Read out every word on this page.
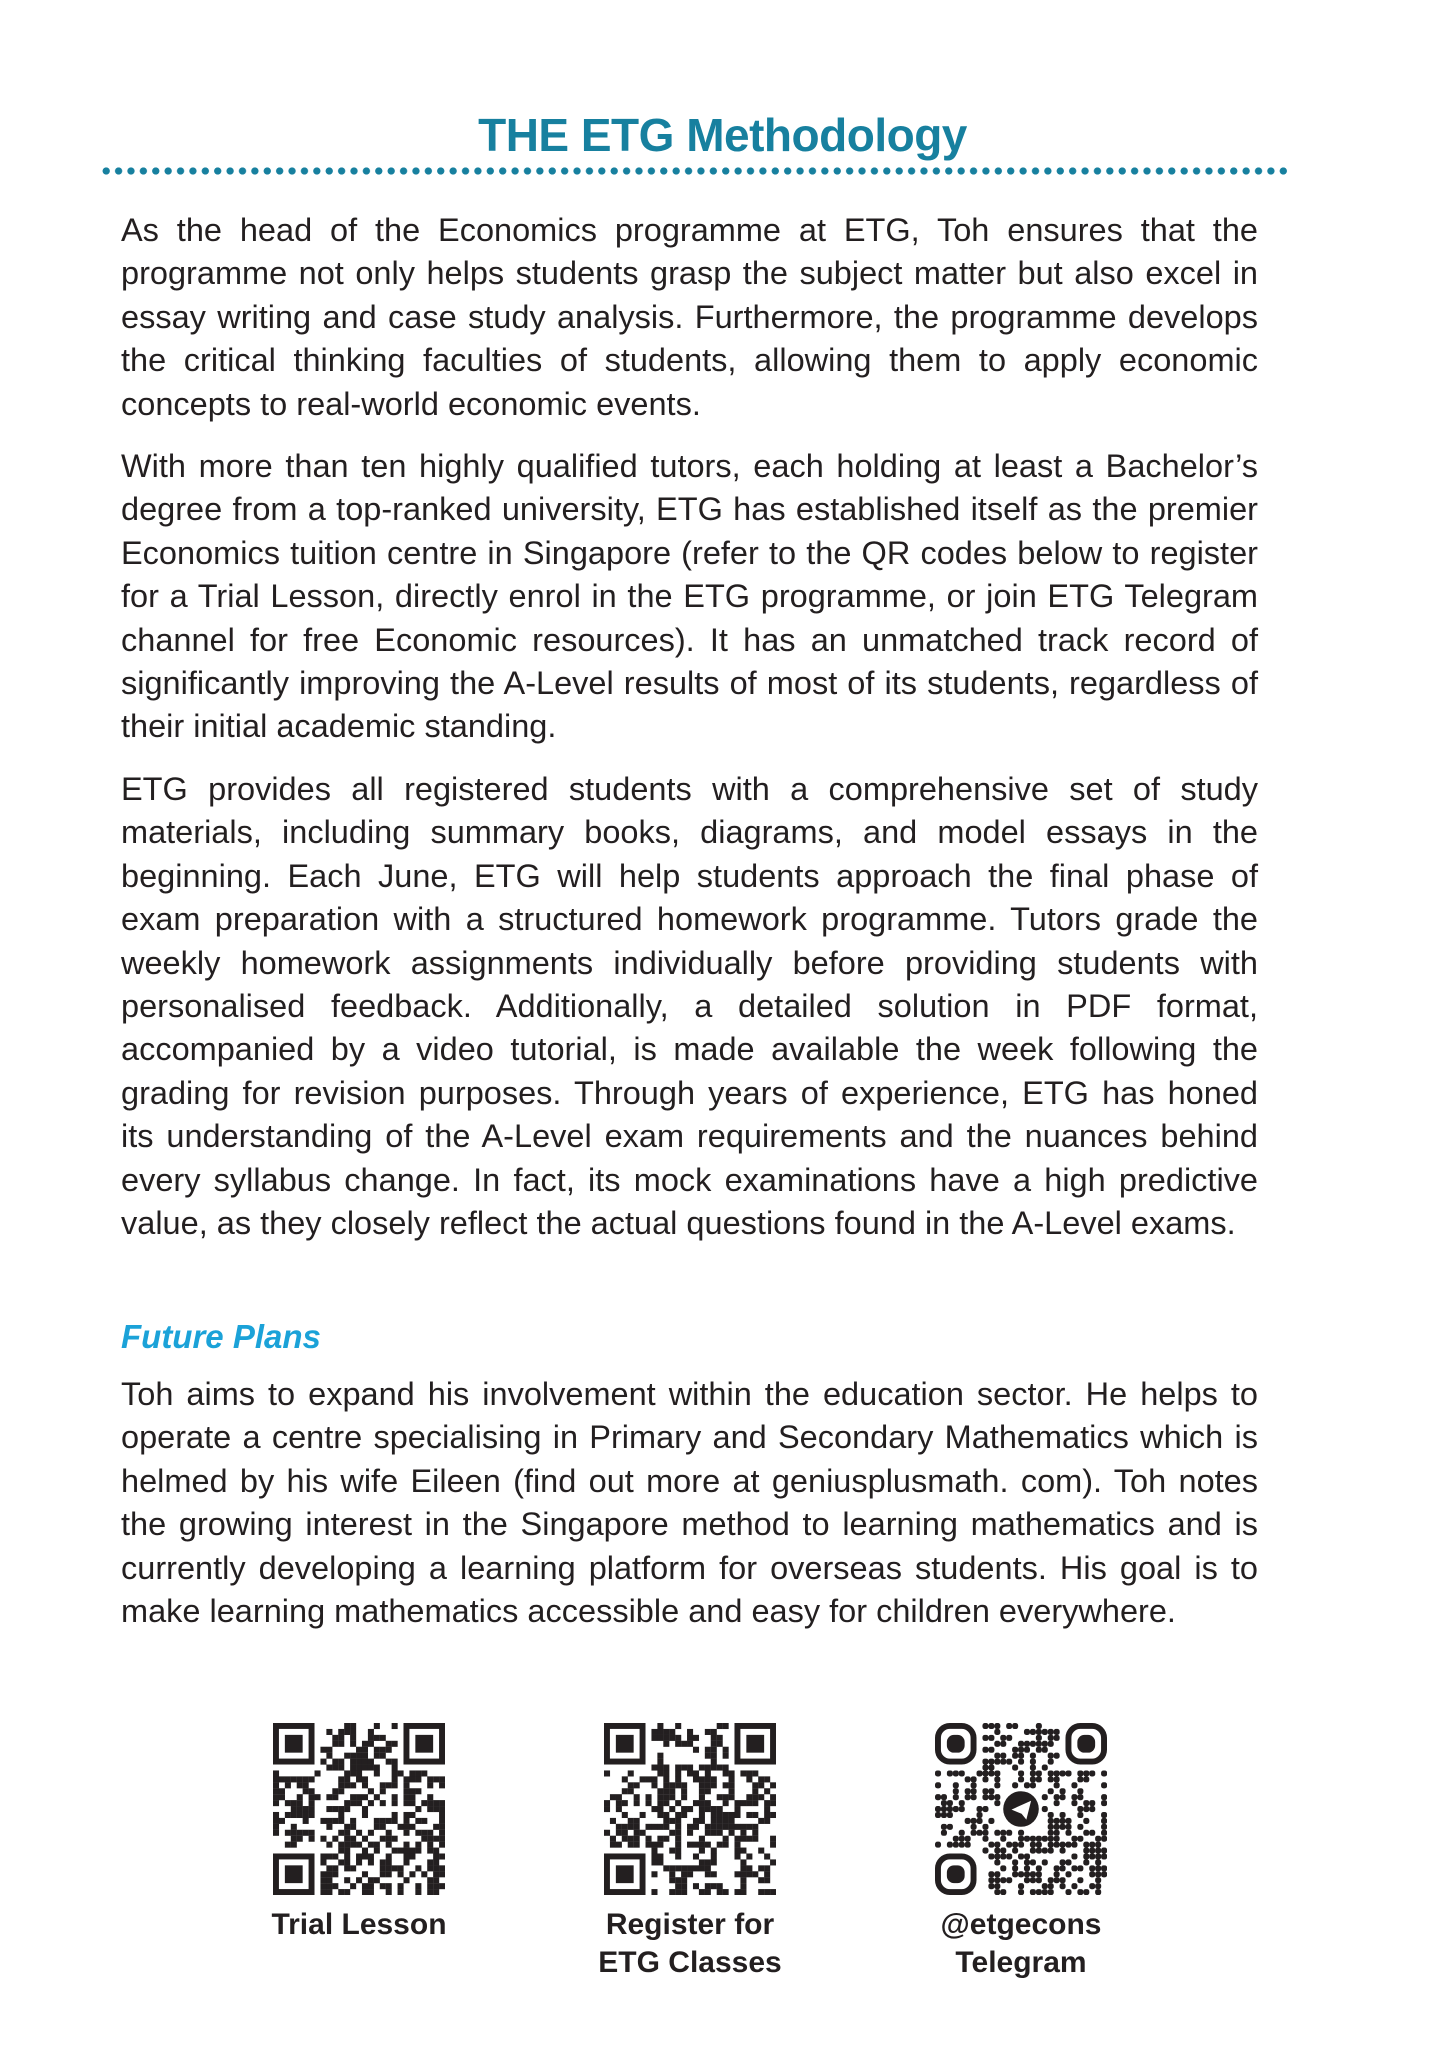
THE ETG Methodology

As the head of the Economics programme at ETG, Toh ensures that the programme not only helps students grasp the subject matter but also excel in essay writing and case study analysis. Furthermore, the programme develops the critical thinking faculties of students, allowing them to apply economic concepts to real-world economic events.

With more than ten highly qualified tutors, each holding at least a Bachelor’s degree from a top-ranked university, ETG has established itself as the premier Economics tuition centre in Singapore (refer to the QR codes below to register for a Trial Lesson, directly enrol in the ETG programme, or join ETG Telegram channel for free Economic resources). It has an unmatched track record of significantly improving the A-Level results of most of its students, regardless of their initial academic standing.

ETG provides all registered students with a comprehensive set of study materials, including summary books, diagrams, and model essays in the beginning. Each June, ETG will help students approach the final phase of exam preparation with a structured homework programme. Tutors grade the weekly homework assignments individually before providing students with personalised feedback. Additionally, a detailed solution in PDF format, accompanied by a video tutorial, is made available the week following the grading for revision purposes. Through years of experience, ETG has honed its understanding of the A-Level exam requirements and the nuances behind every syllabus change. In fact, its mock examinations have a high predictive value, as they closely reflect the actual questions found in the A-Level exams.

Future Plans

Toh aims to expand his involvement within the education sector. He helps to operate a centre specialising in Primary and Secondary Mathematics which is helmed by his wife Eileen (find out more at geniusplusmath. com). Toh notes the growing interest in the Singapore method to learning mathematics and is currently developing a learning platform for overseas students. His goal is to make learning mathematics accessible and easy for children everywhere.

Trial Lesson	Register for
ETG Classes
@etgecons
Telegram
